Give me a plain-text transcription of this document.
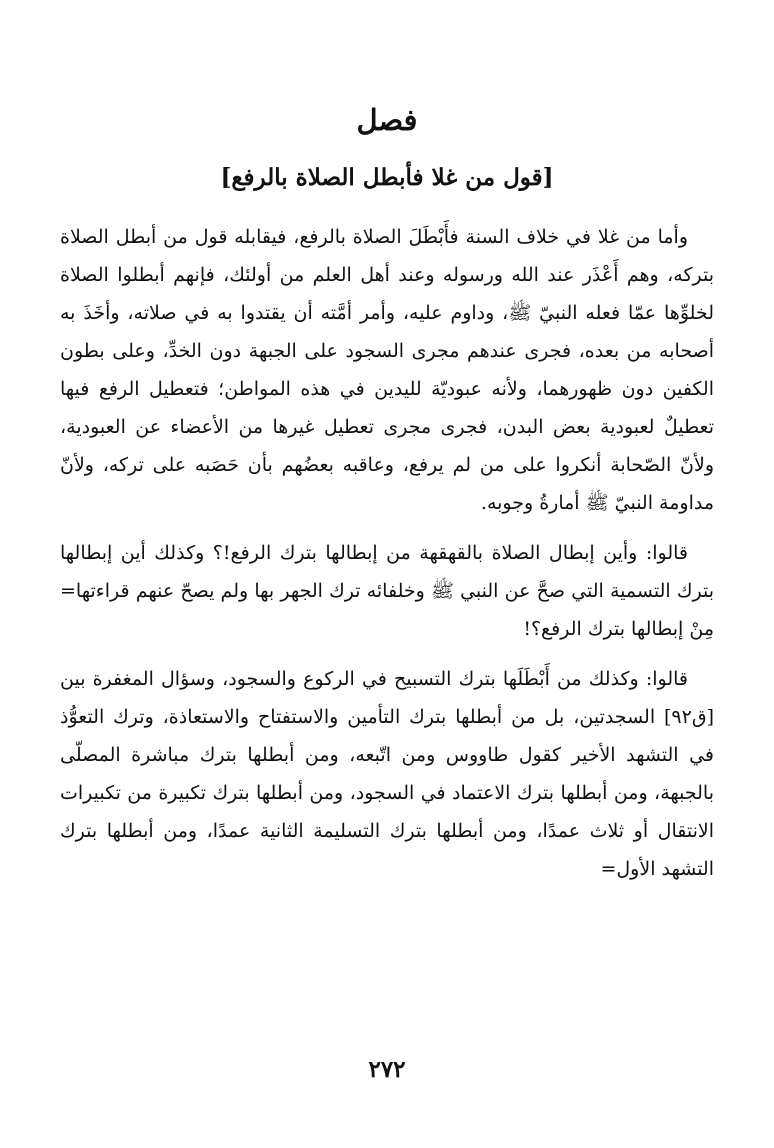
فصل
[قول من غلا فأبطل الصلاة بالرفع]

وأما من غلا في خلاف السنة فأَبْطَلَ الصلاة بالرفع، فيقابله قول من أبطل الصلاة بتركه، وهم أَعْذَر عند الله ورسوله وعند أهل العلم من أولئك، فإنهم أبطلوا الصلاة لخلوِّها عمّا فعله النبيّ ﷺ، وداوم عليه، وأمر أمَّته أن يقتدوا به في صلاته، وأخَذَ به أصحابه من بعده، فجرى عندهم مجرى السجود على الجبهة دون الخدِّ، وعلى بطون الكفين دون ظهورهما، ولأنه عبوديّة لليدين في هذه المواطن؛ فتعطيل الرفع فيها تعطيلٌ لعبودية بعض البدن، فجرى مجرى تعطيل غيرها من الأعضاء عن العبودية، ولأنّ الصّحابة أنكروا على من لم يرفع، وعاقبه بعضُهم بأن حَصَبه على تركه، ولأنّ مداومة النبيّ ﷺ أمارةُ وجوبه.

قالوا: وأين إبطال الصلاة بالقهقهة من إبطالها بترك الرفع!؟ وكذلك أين إبطالها بترك التسمية التي صحَّ عن النبي ﷺ وخلفائه ترك الجهر بها ولم يصحّ عنهم قراءتها= مِنْ إبطالها بترك الرفع؟!

قالوا: وكذلك من أَبْطَلَها بترك التسبيح في الركوع والسجود، وسؤال المغفرة بين [ق٩٢] السجدتين، بل من أبطلها بترك التأمين والاستفتاح والاستعاذة، وترك التعوُّذ في التشهد الأخير كقول طاووس ومن اتّبعه، ومن أبطلها بترك مباشرة المصلّى بالجبهة، ومن أبطلها بترك الاعتماد في السجود، ومن أبطلها بترك تكبيرة من تكبيرات الانتقال أو ثلاث عمدًا، ومن أبطلها بترك التسليمة الثانية عمدًا، ومن أبطلها بترك التشهد الأول=

٢٧٢
